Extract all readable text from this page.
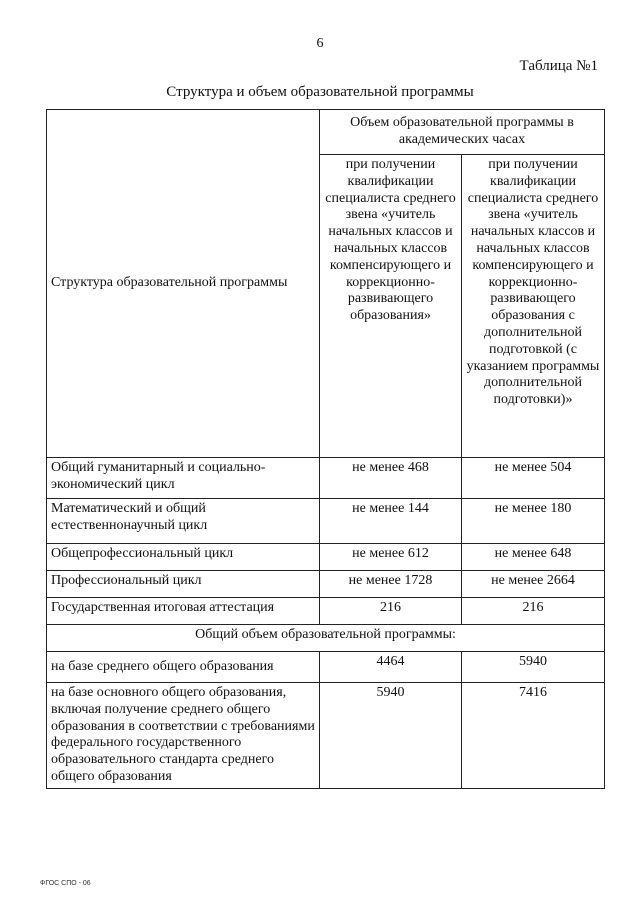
6
Таблица №1
Структура и объем образовательной программы
Структура образовательной программы	Объем образовательной программы в академических часах	
	при получении квалификации специалиста среднего звена «учитель начальных классов и начальных классов компенсирующего и коррекционно-развивающего образования»	при получении квалификации специалиста среднего звена «учитель начальных классов и начальных классов компенсирующего и коррекционно-развивающего образования с дополнительной подготовкой (с указанием программы дополнительной подготовки)»
Общий гуманитарный и социально-экономический цикл	не менее 468	не менее 504
Математический и общий естественнонаучный цикл	не менее 144	не менее 180
Общепрофессиональный цикл	не менее 612	не менее 648
Профессиональный цикл	не менее 1728	не менее 2664
Государственная итоговая аттестация	216	216
Общий объем образовательной программы:		
на базе среднего общего образования	4464	5940
на базе основного общего образования, включая получение среднего общего образования в соответствии с требованиями федерального государственного образовательного стандарта среднего общего образования	5940	7416
ФГОС СПО - 06
